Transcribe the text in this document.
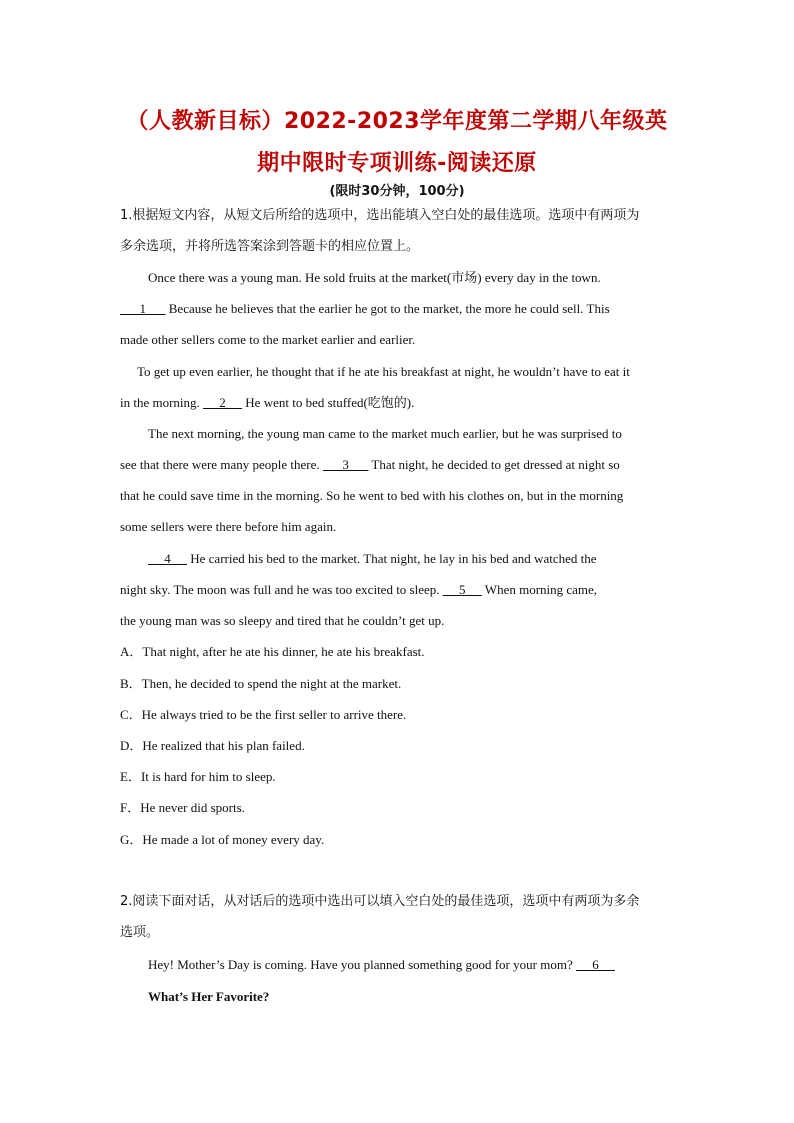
（人教新目标）2022-2023学年度第二学期八年级英
期中限时专项训练-阅读还原
(限时30分钟，100分)
1.根据短文内容，从短文后所给的选项中，选出能填入空白处的最佳选项。选项中有两项为
多余选项，并将所选答案涂到答题卡的相应位置上。
Once there was a young man. He sold fruits at the market(市场) every day in the town.
1       Because he believes that the earlier he got to the market, the more he could sell. This
made other sellers come to the market earlier and earlier.
To get up even earlier, he thought that if he ate his breakfast at night, he wouldn’t have to eat it
in the morning.      2      He went to bed stuffed(吃饱的).
The next morning, the young man came to the market much earlier, but he was surprised to
see that there were many people there.       3       That night, he decided to get dressed at night so
that he could save time in the morning. So he went to bed with his clothes on, but in the morning
some sellers were there before him again.
4      He carried his bed to the market. That night, he lay in his bed and watched the
night sky. The moon was full and he was too excited to sleep.      5      When morning came,
the young man was so sleepy and tired that he couldn’t get up.
A．That night, after he ate his dinner, he ate his breakfast.
B．Then, he decided to spend the night at the market.
C．He always tried to be the first seller to arrive there.
D．He realized that his plan failed.
E．It is hard for him to sleep.
F．He never did sports.
G．He made a lot of money every day.
2.阅读下面对话，从对话后的选项中选出可以填入空白处的最佳选项，选项中有两项为多余
选项。
Hey! Mother’s Day is coming. Have you planned something good for your mom?      6
What’s Her Favorite?
